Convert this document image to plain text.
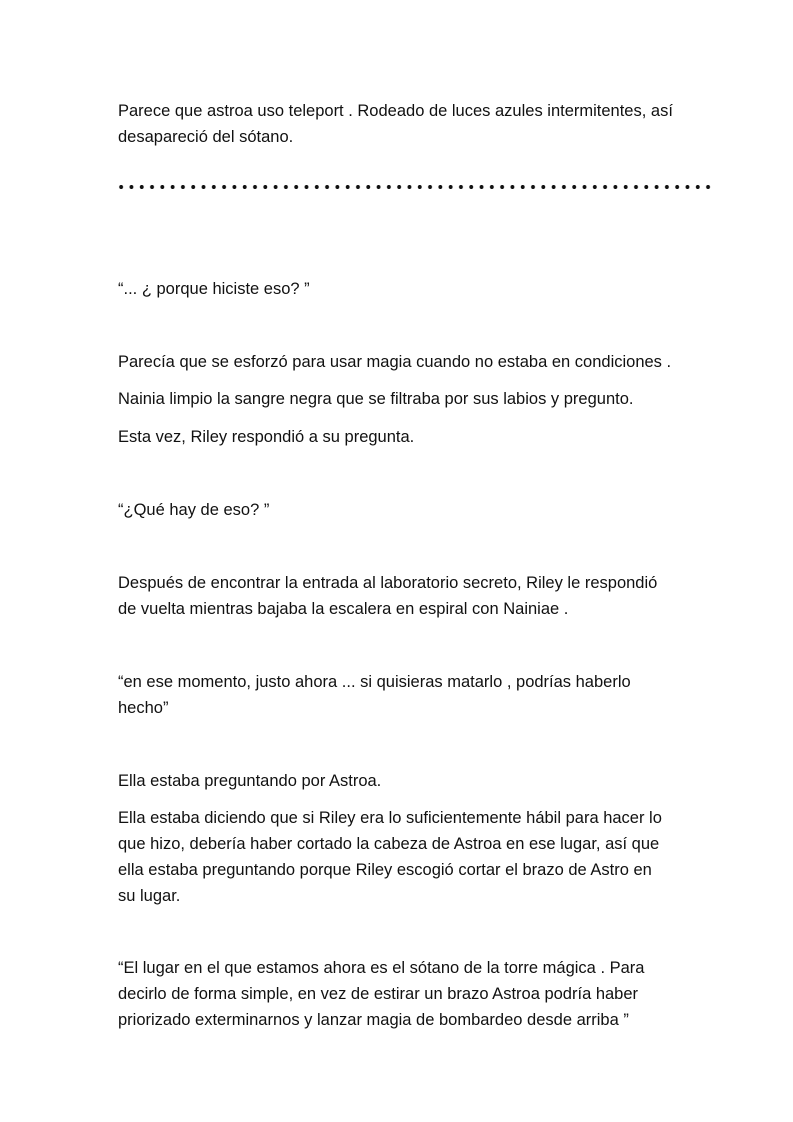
Parece que astroa uso teleport . Rodeado de luces azules intermitentes, así
desapareció del sótano.
“... ¿ porque hiciste eso? ”
Parecía que se esforzó para usar magia cuando no estaba en condiciones .
Nainia limpio la sangre negra que se filtraba por sus labios y pregunto.
Esta vez, Riley respondió a su pregunta.
“¿Qué hay de eso? ”
Después de encontrar la entrada al laboratorio secreto, Riley le respondió
de vuelta mientras bajaba la escalera en espiral con Nainiae .
“en ese momento, justo ahora ... si quisieras matarlo , podrías haberlo
hecho”
Ella estaba preguntando por Astroa.
Ella estaba diciendo que si Riley era lo suficientemente hábil para hacer lo
que hizo, debería haber cortado la cabeza de Astroa en ese lugar, así que
ella estaba preguntando porque Riley escogió cortar el brazo de Astro en
su lugar.
“El lugar en el que estamos ahora es el sótano de la torre mágica . Para
decirlo de forma simple, en vez de estirar un brazo Astroa podría haber
priorizado exterminarnos y lanzar magia de bombardeo desde arriba ”
